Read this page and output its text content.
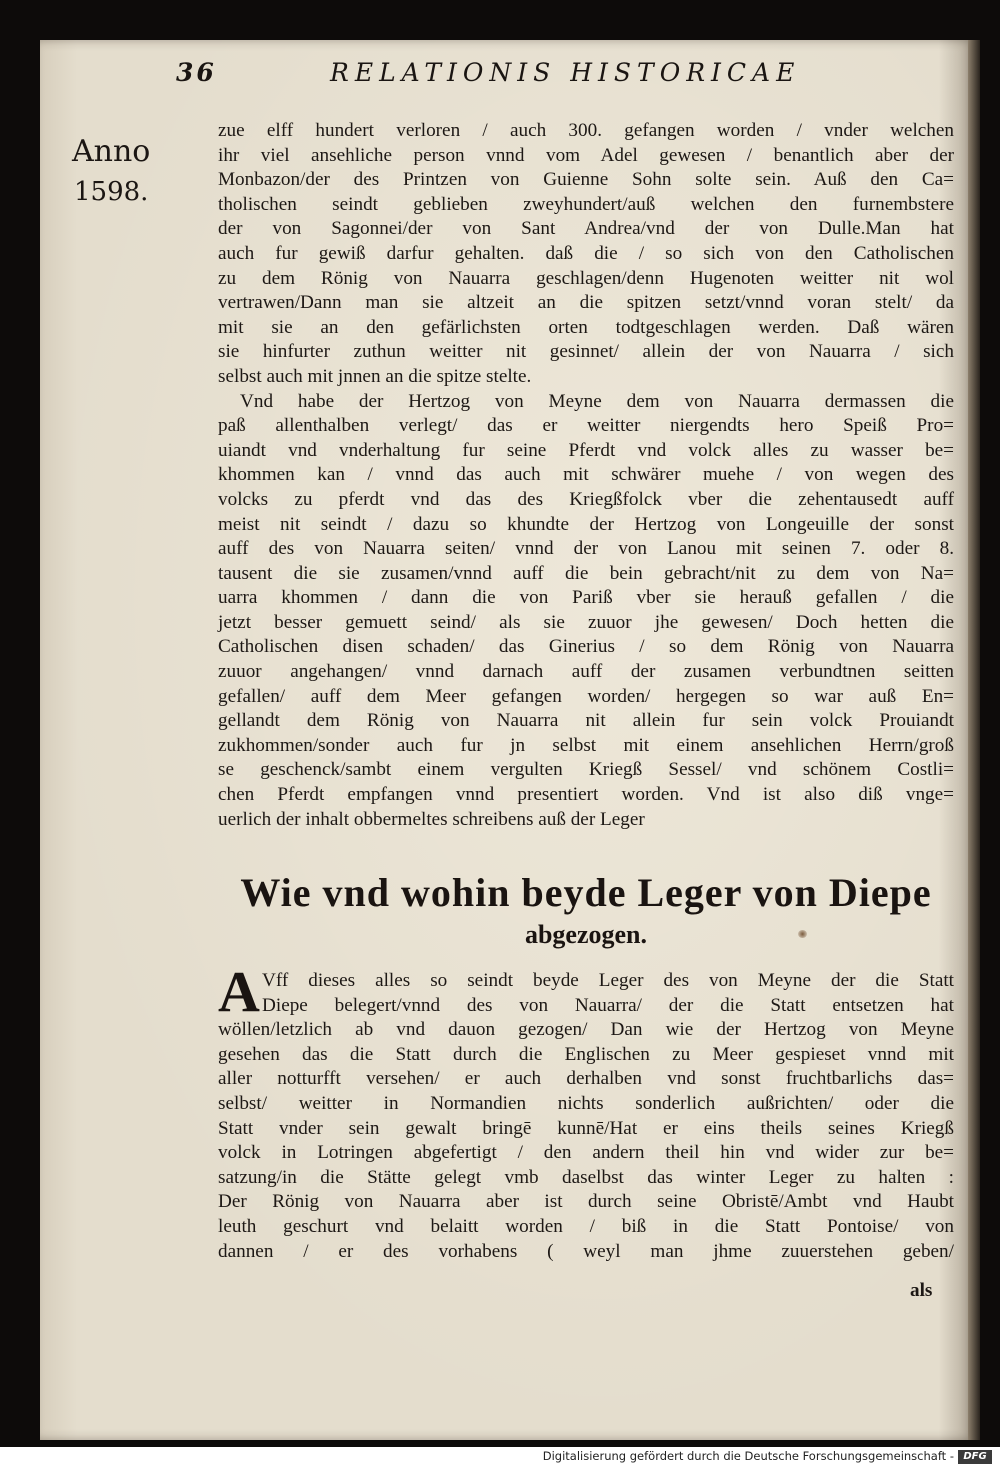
36	RELATIONIS HISTORICAE
Anno
1598.
zue elff hundert verloren / auch 300. gefangen worden / vnder welchen
ihr viel ansehliche person vnnd vom Adel gewesen / benantlich aber der
Monbazon/der des Printzen von Guienne Sohn solte sein. Auß den Ca=
tholischen seindt geblieben zweyhundert/auß welchen den furnembstere
der von Sagonnei/der von Sant Andrea/vnd der von Dulle.Man hat
auch fur gewiß darfur gehalten. daß die / so sich von den Catholischen
zu dem Rönig von Nauarra geschlagen/denn Hugenoten weitter nit wol
vertrawen/Dann man sie altzeit an die spitzen setzt/vnnd voran stelt/ da
mit sie an den gefärlichsten orten todtgeschlagen werden. Daß wären
sie hinfurter zuthun weitter nit gesinnet/ allein der von Nauarra / sich
selbst auch mit jnnen an die spitze stelte.
Vnd habe der Hertzog von Meyne dem von Nauarra dermassen die
paß allenthalben verlegt/ das er weitter niergendts hero Speiß Pro=
uiandt vnd vnderhaltung fur seine Pferdt vnd volck alles zu wasser be=
khommen kan / vnnd das auch mit schwärer muehe / von wegen des
volcks zu pferdt vnd das des Kriegßfolck vber die zehentausedt auff
meist nit seindt / dazu so khundte der Hertzog von Longeuille der sonst
auff des von Nauarra seiten/ vnnd der von Lanou mit seinen 7. oder 8.
tausent die sie zusamen/vnnd auff die bein gebracht/nit zu dem von Na=
uarra khommen / dann die von Pariß vber sie herauß gefallen / die
jetzt besser gemuett seind/ als sie zuuor jhe gewesen/ Doch hetten die
Catholischen disen schaden/ das Ginerius / so dem Rönig von Nauarra
zuuor angehangen/ vnnd darnach auff der zusamen verbundtnen seitten
gefallen/ auff dem Meer gefangen worden/ hergegen so war auß En=
gellandt dem Rönig von Nauarra nit allein fur sein volck Prouiandt
zukhommen/sonder auch fur jn selbst mit einem ansehlichen Herrn/groß
se geschenck/sambt einem vergulten Kriegß Sessel/ vnd schönem Costli=
chen Pferdt empfangen vnnd presentiert worden. Vnd ist also diß vnge=
uerlich der inhalt obbermeltes schreibens auß der Leger
Wie vnd wohin beyde Leger von Diepe
abgezogen.
A Vff dieses alles so seindt beyde Leger des von Meyne der die Statt
Diepe belegert/vnnd des von Nauarra/ der die Statt entsetzen hat
wöllen/letzlich ab vnd dauon gezogen/ Dan wie der Hertzog von Meyne
gesehen das die Statt durch die Englischen zu Meer gespieset vnnd mit
aller notturfft versehen/ er auch derhalben vnd sonst fruchtbarlichs das=
selbst/ weitter in Normandien nichts sonderlich außrichten/ oder die
Statt vnder sein gewalt bringē kunnē/Hat er eins theils seines Kriegß
volck in Lotringen abgefertigt / den andern theil hin vnd wider zur be=
satzung/in die Stätte gelegt vmb daselbst das winter Leger zu halten :
Der Rönig von Nauarra aber ist durch seine Obristē/Ambt vnd Haubt
leuth geschurt vnd belaitt worden / biß in die Statt Pontoise/ von
dannen / er des vorhabens ( weyl man jhme zuuerstehen geben/
als
Digitalisierung gefördert durch die Deutsche Forschungsgemeinschaft - DFG
